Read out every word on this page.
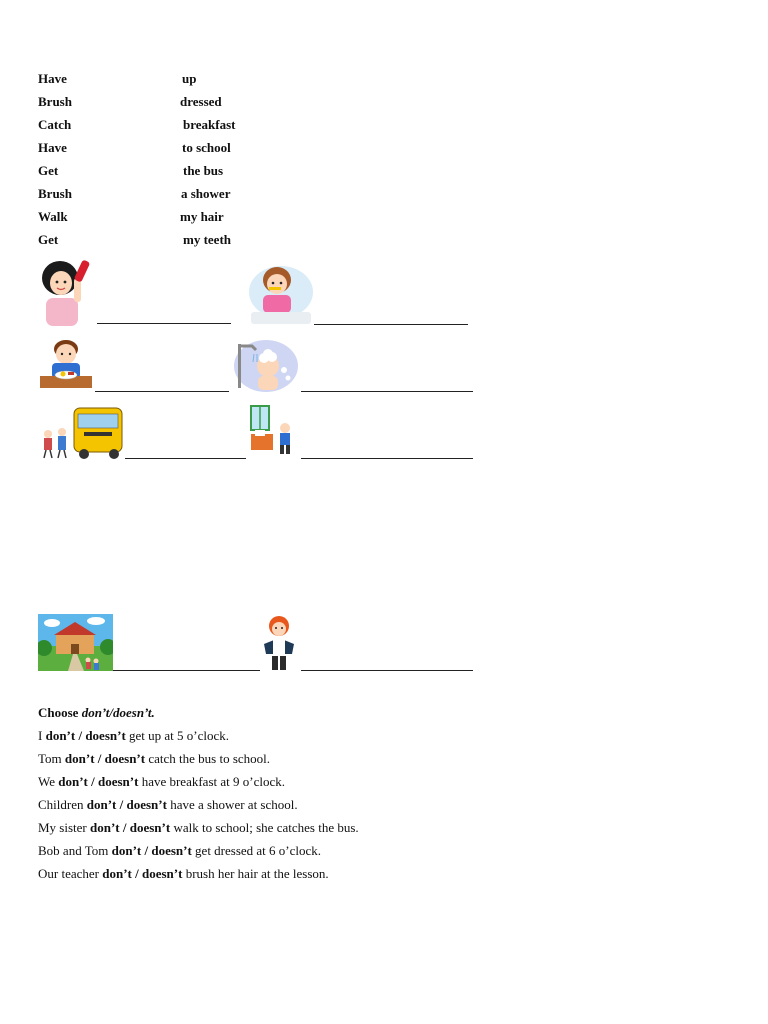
Have	up
Brush	dressed
Catch	breakfast
Have	to school
Get	the bus
Brush	a shower
Walk	my hair
Get	my teeth
Choose don’t/doesn’t.
I don’t / doesn’t get up at 5 o’clock.
Tom don’t / doesn’t catch the bus to school.
We don’t / doesn’t have breakfast at 9 o’clock.
Children don’t / doesn’t have a shower at school.
My sister don’t / doesn’t walk to school; she catches the bus.
Bob and Tom don’t / doesn’t get dressed at 6 o’clock.
Our teacher don’t / doesn’t brush her hair at the lesson.
